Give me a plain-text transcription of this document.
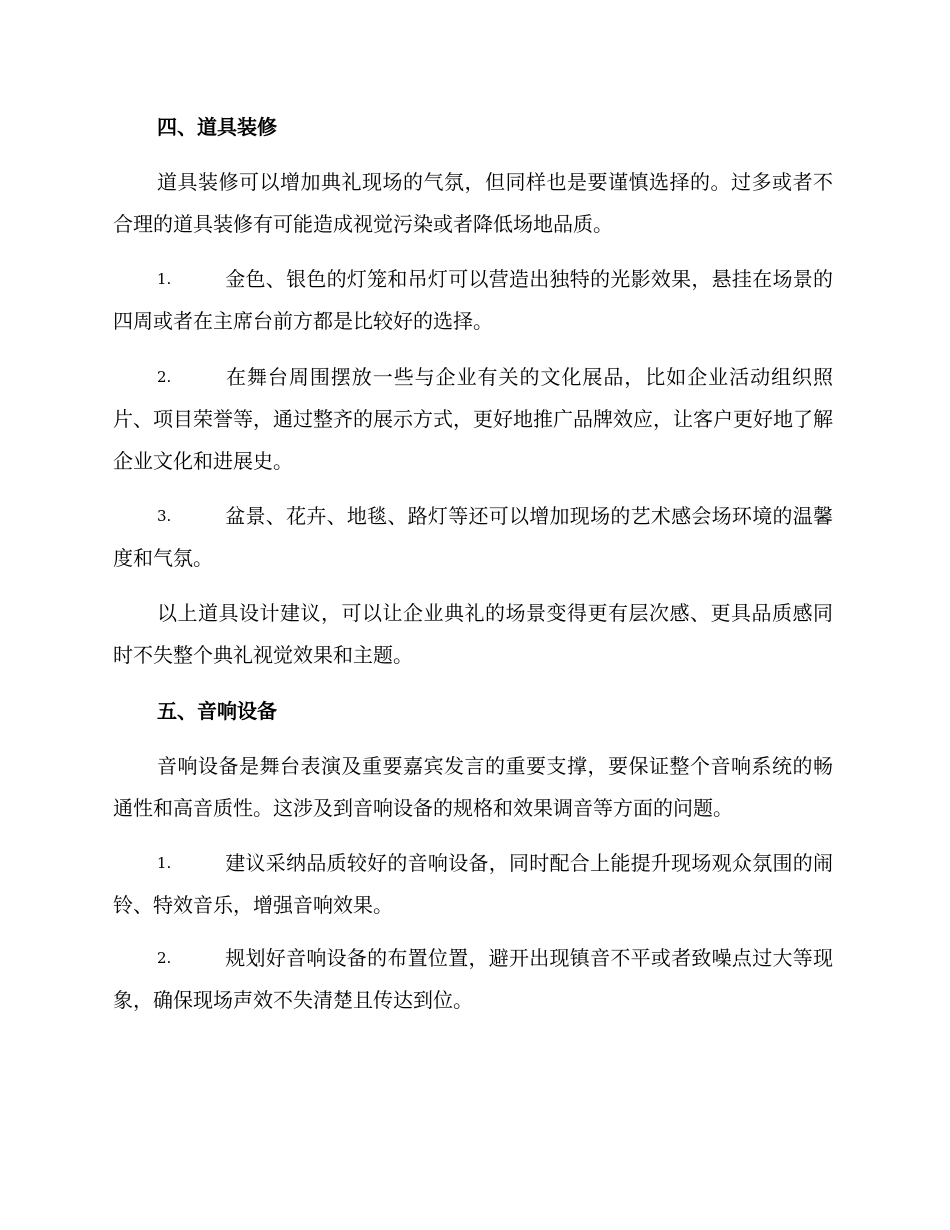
四、道具装修
道具装修可以增加典礼现场的气氛，但同样也是要谨慎选择的。过多或者不合理的道具装修有可能造成视觉污染或者降低场地品质。
1.	金色、银色的灯笼和吊灯可以营造出独特的光影效果，悬挂在场景的四周或者在主席台前方都是比较好的选择。
2.	在舞台周围摆放一些与企业有关的文化展品，比如企业活动组织照片、项目荣誉等，通过整齐的展示方式，更好地推广品牌效应，让客户更好地了解企业文化和进展史。
3.	盆景、花卉、地毯、路灯等还可以增加现场的艺术感会场环境的温馨度和气氛。
以上道具设计建议，可以让企业典礼的场景变得更有层次感、更具品质感同时不失整个典礼视觉效果和主题。
五、音响设备
音响设备是舞台表演及重要嘉宾发言的重要支撑，要保证整个音响系统的畅通性和高音质性。这涉及到音响设备的规格和效果调音等方面的问题。
1.	建议采纳品质较好的音响设备，同时配合上能提升现场观众氛围的闹铃、特效音乐，增强音响效果。
2.	规划好音响设备的布置位置，避开出现镇音不平或者致噪点过大等现象，确保现场声效不失清楚且传达到位。
